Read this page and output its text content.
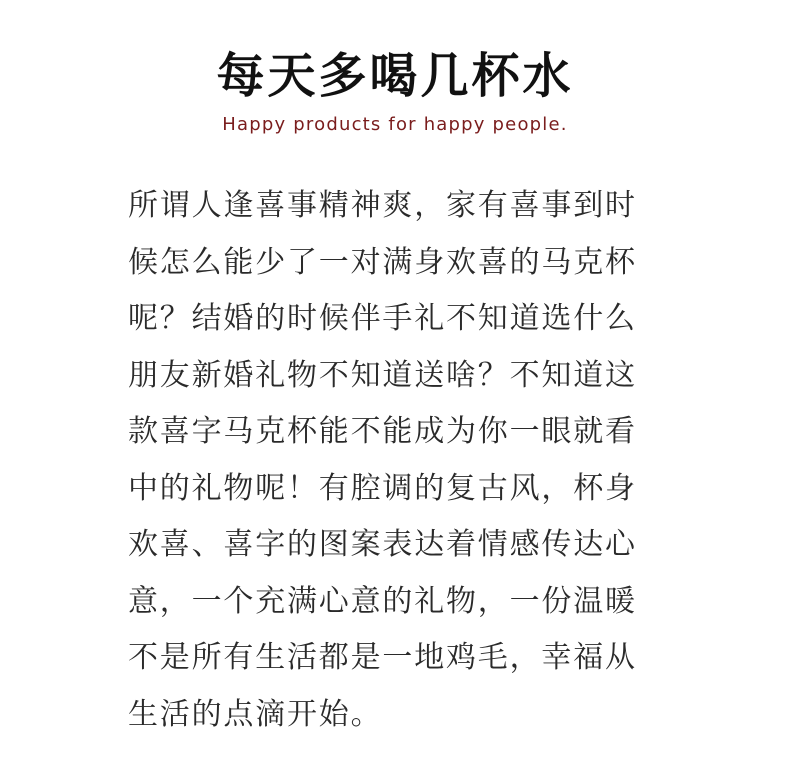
每天多喝几杯水
Happy products for happy people.
所谓人逢喜事精神爽，家有喜事到时
候怎么能少了一对满身欢喜的马克杯
呢？结婚的时候伴手礼不知道选什么
朋友新婚礼物不知道送啥？不知道这
款喜字马克杯能不能成为你一眼就看
中的礼物呢！有腔调的复古风，杯身
欢喜、喜字的图案表达着情感传达心
意，一个充满心意的礼物，一份温暖
不是所有生活都是一地鸡毛，幸福从
生活的点滴开始。
